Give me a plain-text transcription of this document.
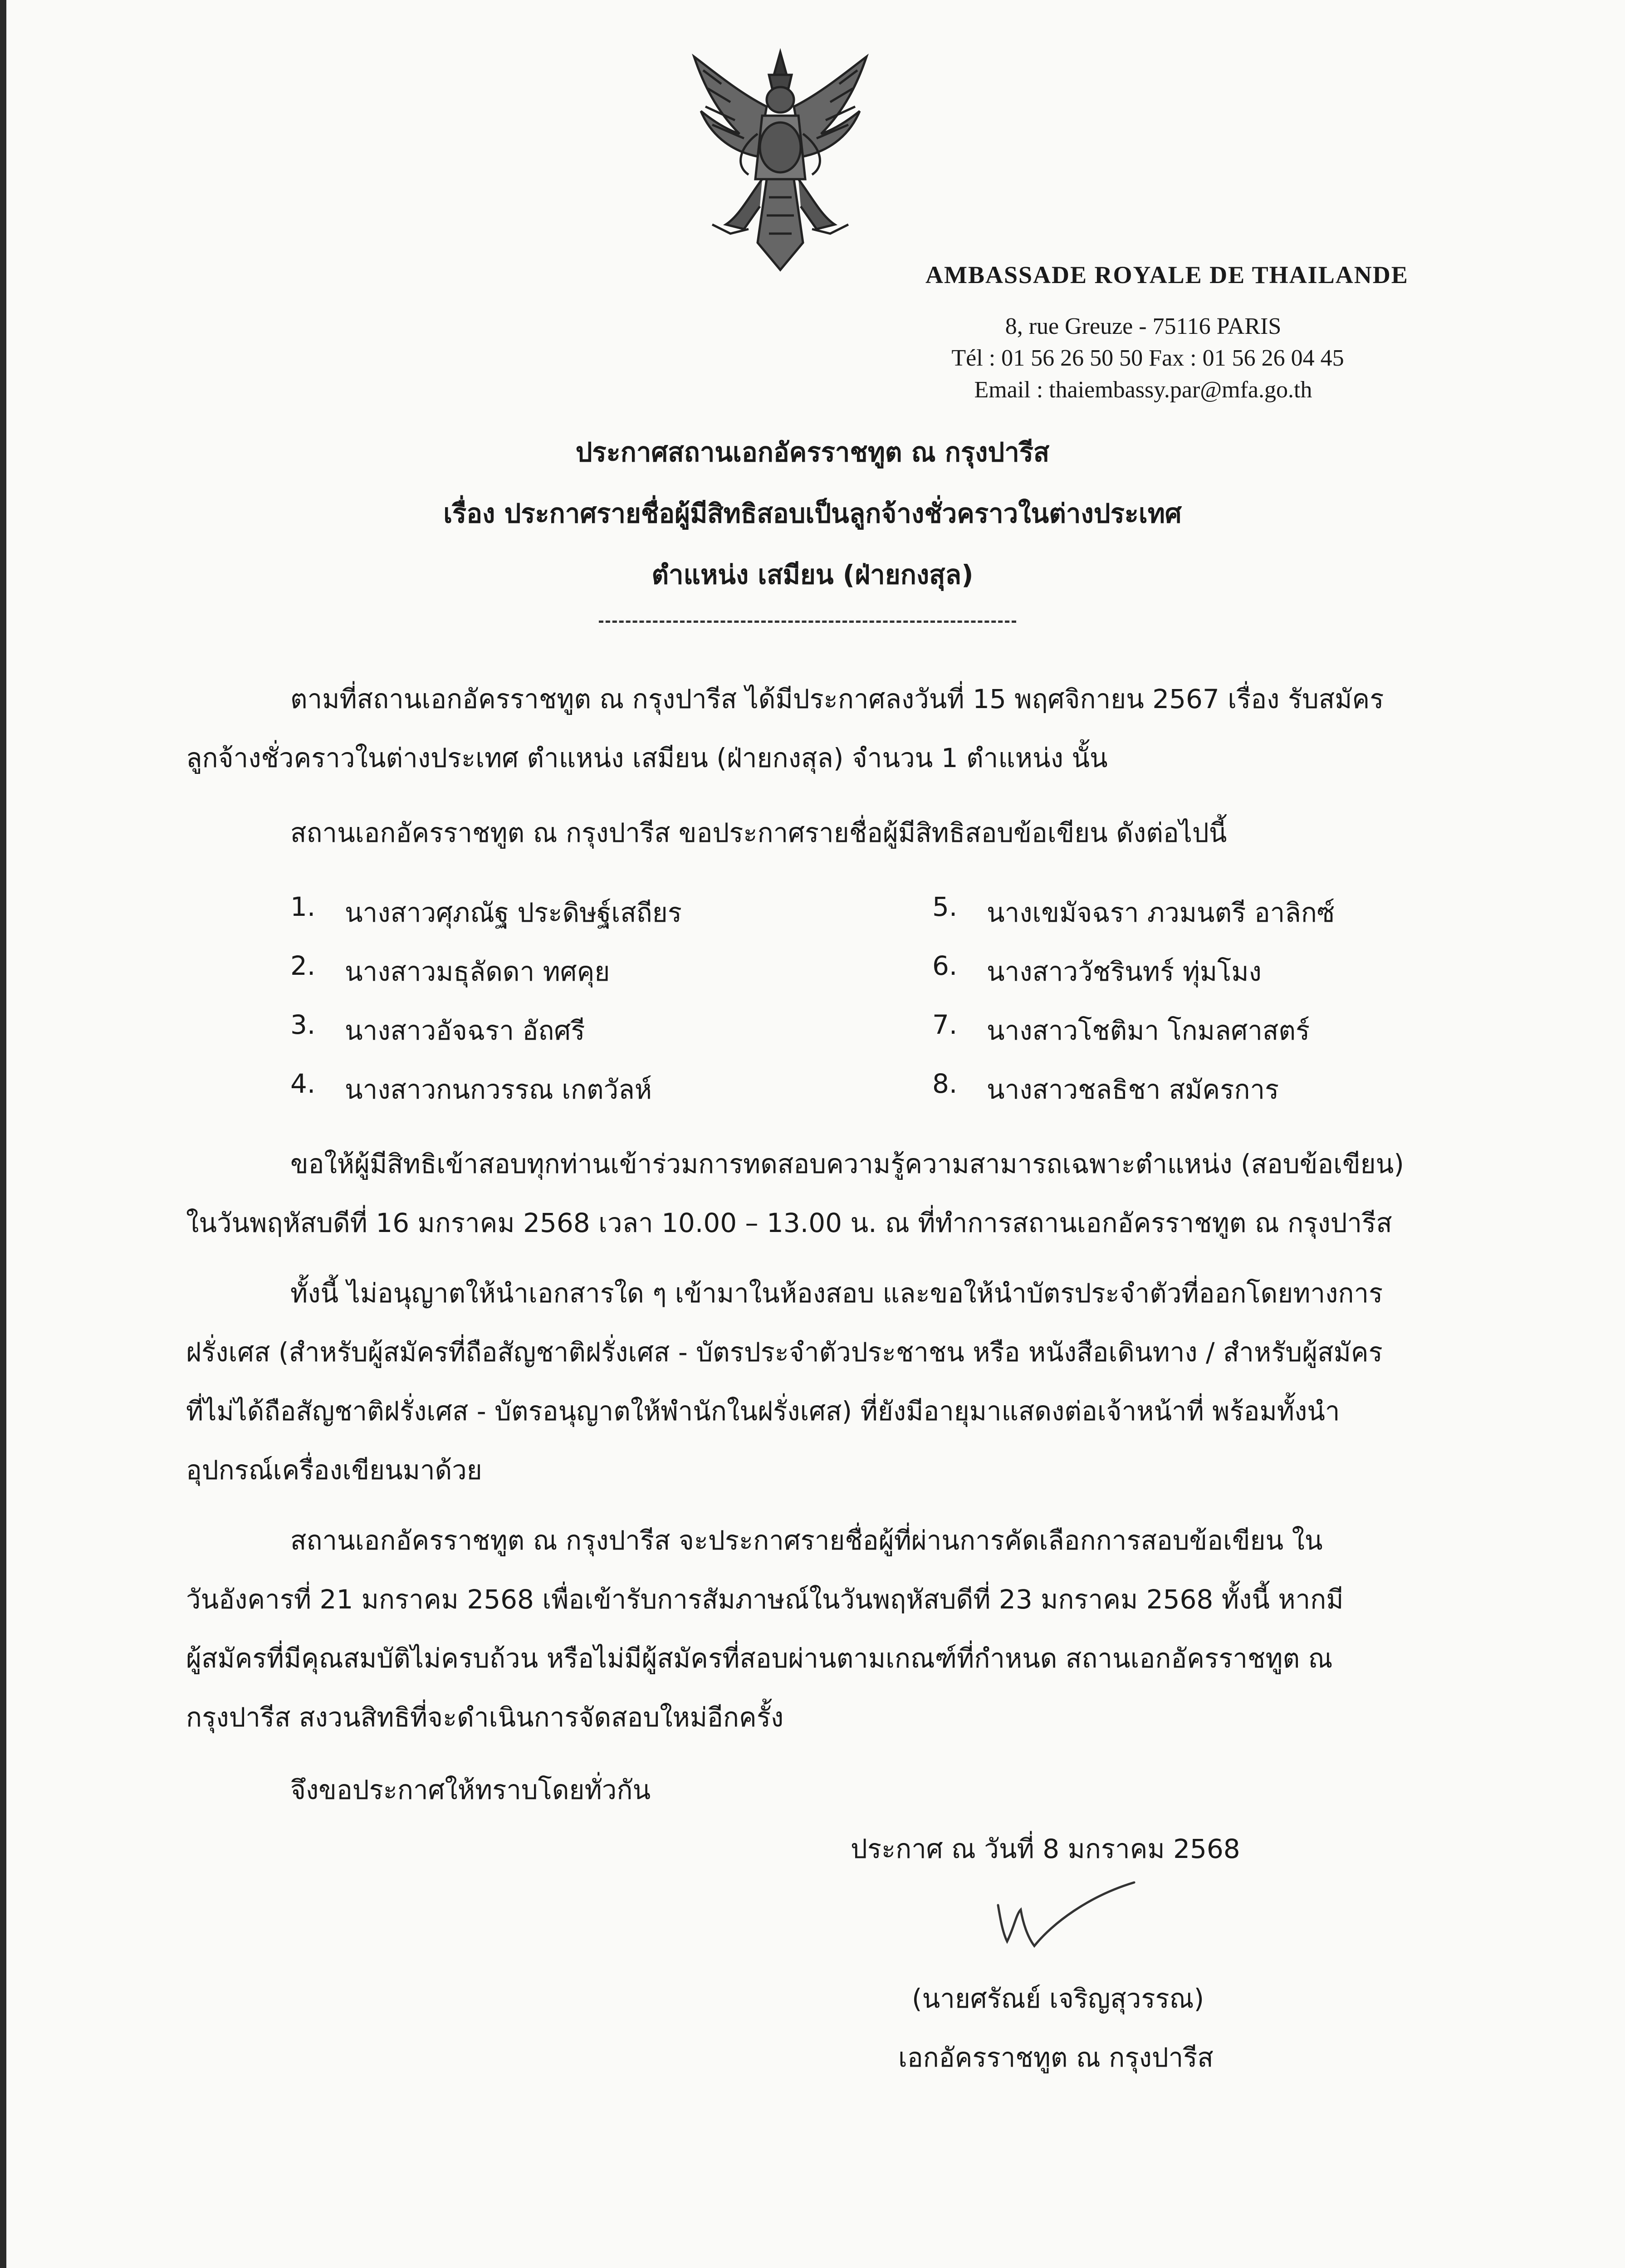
AMBASSADE ROYALE DE THAILANDE
8, rue Greuze - 75116 PARIS
Tél : 01 56 26 50 50 Fax : 01 56 26 04 45
Email : thaiembassy.par@mfa.go.th
ประกาศสถานเอกอัครราชทูต ณ กรุงปารีส
เรื่อง ประกาศรายชื่อผู้มีสิทธิสอบเป็นลูกจ้างชั่วคราวในต่างประเทศ
ตำแหน่ง เสมียน (ฝ่ายกงสุล)
ตามที่สถานเอกอัครราชทูต ณ กรุงปารีส ได้มีประกาศลงวันที่ 15 พฤศจิกายน 2567 เรื่อง รับสมัคร
ลูกจ้างชั่วคราวในต่างประเทศ ตำแหน่ง เสมียน (ฝ่ายกงสุล) จำนวน 1 ตำแหน่ง นั้น
สถานเอกอัครราชทูต ณ กรุงปารีส ขอประกาศรายชื่อผู้มีสิทธิสอบข้อเขียน ดังต่อไปนี้
1. นางสาวศุภณัฐ ประดิษฐ์เสถียร
2. นางสาวมธุลัดดา ทศคุย
3. นางสาวอัจฉรา อัถศรี
4. นางสาวกนกวรรณ เกตวัลห์
5. นางเขมัจฉรา ภวมนตรี อาลิกซ์
6. นางสาววัชรินทร์ ทุ่มโมง
7. นางสาวโชติมา โกมลศาสตร์
8. นางสาวชลธิชา สมัครการ
ขอให้ผู้มีสิทธิเข้าสอบทุกท่านเข้าร่วมการทดสอบความรู้ความสามารถเฉพาะตำแหน่ง (สอบข้อเขียน)
ในวันพฤหัสบดีที่ 16 มกราคม 2568 เวลา 10.00 – 13.00 น. ณ ที่ทำการสถานเอกอัครราชทูต ณ กรุงปารีส
ทั้งนี้ ไม่อนุญาตให้นำเอกสารใด ๆ เข้ามาในห้องสอบ และขอให้นำบัตรประจำตัวที่ออกโดยทางการ
ฝรั่งเศส (สำหรับผู้สมัครที่ถือสัญชาติฝรั่งเศส - บัตรประจำตัวประชาชน หรือ หนังสือเดินทาง / สำหรับผู้สมัคร
ที่ไม่ได้ถือสัญชาติฝรั่งเศส - บัตรอนุญาตให้พำนักในฝรั่งเศส) ที่ยังมีอายุมาแสดงต่อเจ้าหน้าที่ พร้อมทั้งนำ
อุปกรณ์เครื่องเขียนมาด้วย
สถานเอกอัครราชทูต ณ กรุงปารีส จะประกาศรายชื่อผู้ที่ผ่านการคัดเลือกการสอบข้อเขียน ใน
วันอังคารที่ 21 มกราคม 2568 เพื่อเข้ารับการสัมภาษณ์ในวันพฤหัสบดีที่ 23 มกราคม 2568 ทั้งนี้ หากมี
ผู้สมัครที่มีคุณสมบัติไม่ครบถ้วน หรือไม่มีผู้สมัครที่สอบผ่านตามเกณฑ์ที่กำหนด สถานเอกอัครราชทูต ณ
กรุงปารีส สงวนสิทธิที่จะดำเนินการจัดสอบใหม่อีกครั้ง
จึงขอประกาศให้ทราบโดยทั่วกัน
ประกาศ ณ วันที่ 8 มกราคม 2568
(นายศรัณย์ เจริญสุวรรณ)
เอกอัครราชทูต ณ กรุงปารีส
